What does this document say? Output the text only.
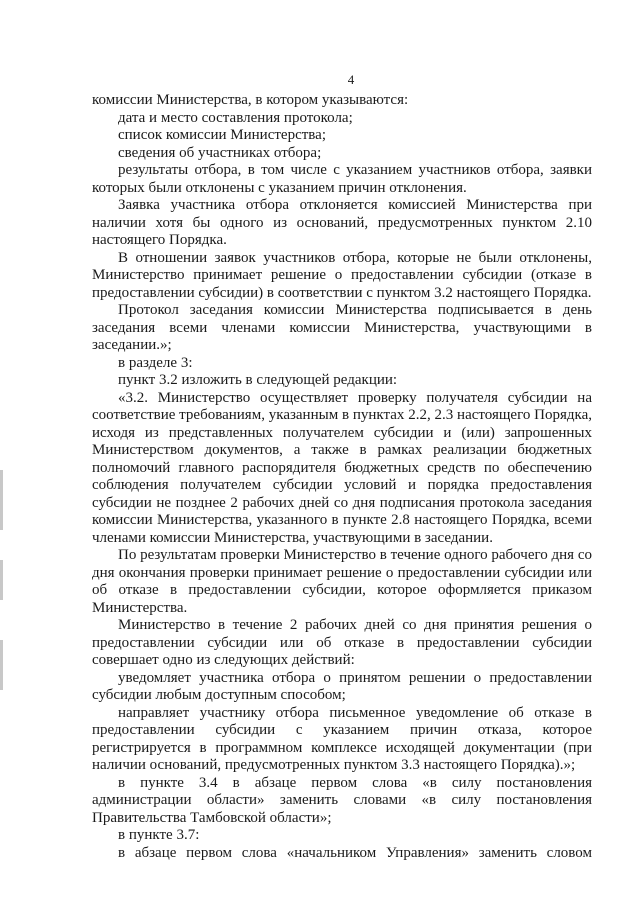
4

комиссии Министерства, в котором указываются:

дата и место составления протокола;

список комиссии Министерства;

сведения об участниках отбора;

результаты отбора, в том числе с указанием участников отбора, заявки которых были отклонены с указанием причин отклонения.

Заявка участника отбора отклоняется комиссией Министерства при наличии хотя бы одного из оснований, предусмотренных пунктом 2.10 настоящего Порядка.

В отношении заявок участников отбора, которые не были отклонены, Министерство принимает решение о предоставлении субсидии (отказе в предоставлении субсидии) в соответствии с пунктом 3.2 настоящего Порядка.

Протокол заседания комиссии Министерства подписывается в день заседания всеми членами комиссии Министерства, участвующими в заседании.»;

в разделе 3:

пункт 3.2 изложить в следующей редакции:

«3.2. Министерство осуществляет проверку получателя субсидии на соответствие требованиям, указанным в пунктах 2.2, 2.3 настоящего Порядка, исходя из представленных получателем субсидии и (или) запрошенных Министерством документов, а также в рамках реализации бюджетных полномочий главного распорядителя бюджетных средств по обеспечению соблюдения получателем субсидии условий и порядка предоставления субсидии не позднее 2 рабочих дней со дня подписания протокола заседания комиссии Министерства, указанного в пункте 2.8 настоящего Порядка, всеми членами комиссии Министерства, участвующими в заседании.

По результатам проверки Министерство в течение одного рабочего дня со дня окончания проверки принимает решение о предоставлении субсидии или об отказе в предоставлении субсидии, которое оформляется приказом Министерства.

Министерство в течение 2 рабочих дней со дня принятия решения о предоставлении субсидии или об отказе в предоставлении субсидии совершает одно из следующих действий:

уведомляет участника отбора о принятом решении о предоставлении субсидии любым доступным способом;

направляет участнику отбора письменное уведомление об отказе в предоставлении субсидии с указанием причин отказа, которое регистрируется в программном комплексе исходящей документации (при наличии оснований, предусмотренных пунктом 3.3 настоящего Порядка).»;

в пункте 3.4 в абзаце первом слова «в силу постановления администрации области» заменить словами «в силу постановления Правительства Тамбовской области»;

в пункте 3.7:

в абзаце первом слова «начальником Управления» заменить словом
